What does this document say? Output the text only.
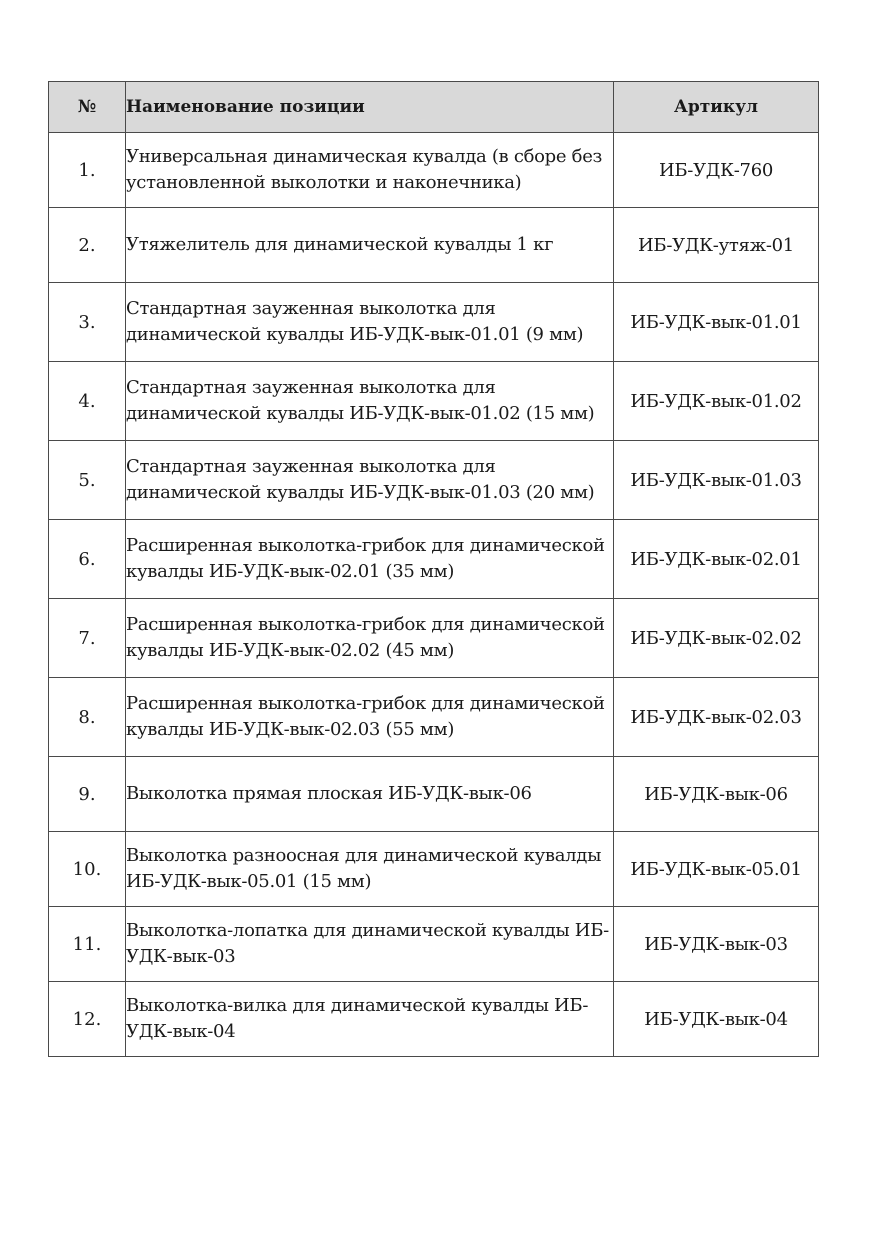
№	Наименование позиции	Артикул
1.	Универсальная динамическая кувалда (в сборе без установленной выколотки и наконечника)	ИБ-УДК-760
2.	Утяжелитель для динамической кувалды 1 кг	ИБ-УДК-утяж-01
3.	Стандартная зауженная выколотка для динамической кувалды ИБ-УДК-вык-01.01 (9 мм)	ИБ-УДК-вык-01.01
4.	Стандартная зауженная выколотка для динамической кувалды ИБ-УДК-вык-01.02 (15 мм)	ИБ-УДК-вык-01.02
5.	Стандартная зауженная выколотка для динамической кувалды ИБ-УДК-вык-01.03 (20 мм)	ИБ-УДК-вык-01.03
6.	Расширенная выколотка-грибок для динамической кувалды ИБ-УДК-вык-02.01 (35 мм)	ИБ-УДК-вык-02.01
7.	Расширенная выколотка-грибок для динамической кувалды ИБ-УДК-вык-02.02 (45 мм)	ИБ-УДК-вык-02.02
8.	Расширенная выколотка-грибок для динамической кувалды ИБ-УДК-вык-02.03 (55 мм)	ИБ-УДК-вык-02.03
9.	Выколотка прямая плоская ИБ-УДК-вык-06	ИБ-УДК-вык-06
10.	Выколотка разноосная для динамической кувалды ИБ-УДК-вык-05.01 (15 мм)	ИБ-УДК-вык-05.01
11.	Выколотка-лопатка для динамической кувалды ИБ-УДК-вык-03	ИБ-УДК-вык-03
12.	Выколотка-вилка для динамической кувалды ИБ-УДК-вык-04	ИБ-УДК-вык-04
